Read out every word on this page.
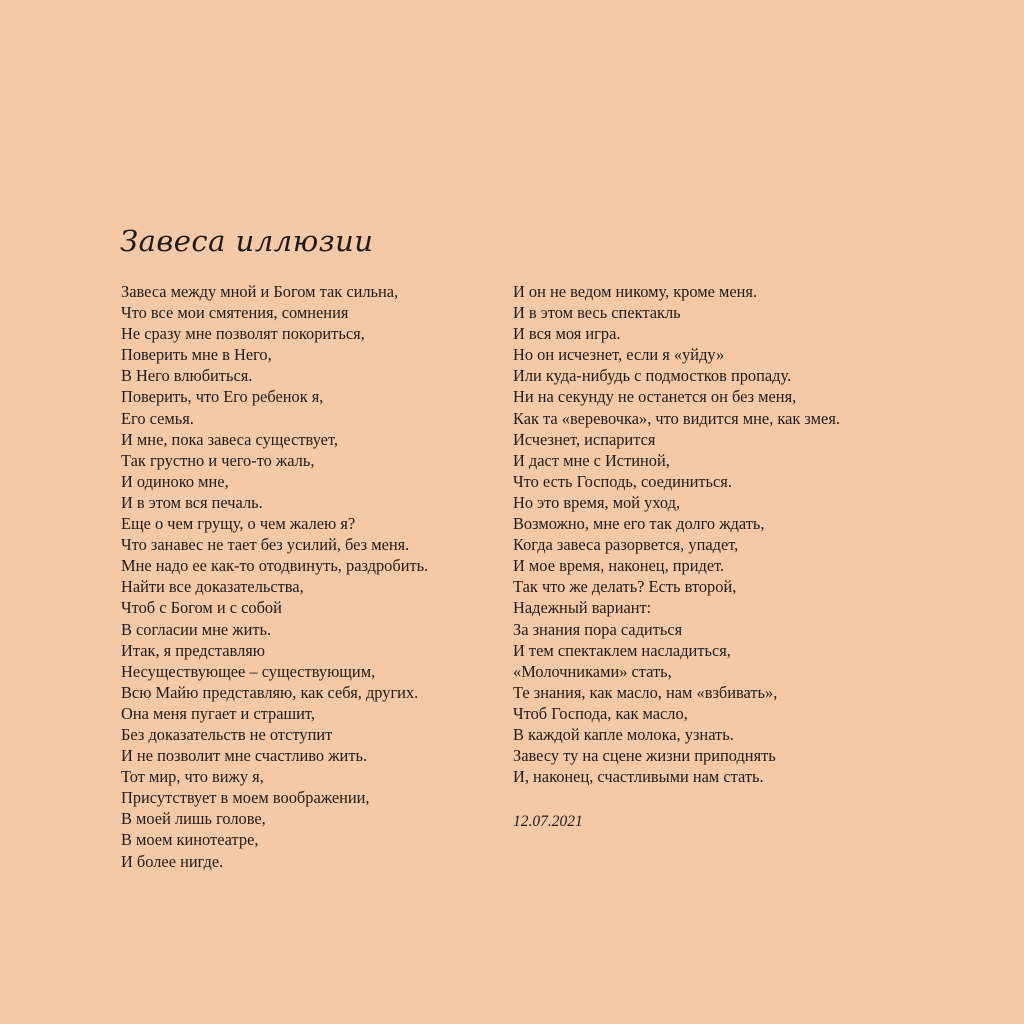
Завеса иллюзии
Завеса между мной и Богом так сильна,
Что все мои смятения, сомнения
Не сразу мне позволят покориться,
Поверить мне в Него,
В Него влюбиться.
Поверить, что Его ребенок я,
Его семья.
И мне, пока завеса существует,
Так грустно и чего-то жаль,
И одиноко мне,
И в этом вся печаль.
Еще о чем грущу, о чем жалею я?
Что занавес не тает без усилий, без меня.
Мне надо ее как-то отодвинуть, раздробить.
Найти все доказательства,
Чтоб с Богом и с собой
В согласии мне жить.
Итак, я представляю
Несуществующее – существующим,
Всю Майю представляю, как себя, других.
Она меня пугает и страшит,
Без доказательств не отступит
И не позволит мне счастливо жить.
Тот мир, что вижу я,
Присутствует в моем воображении,
В моей лишь голове,
В моем кинотеатре,
И более нигде.
И он не ведом никому, кроме меня.
И в этом весь спектакль
И вся моя игра.
Но он исчезнет, если я «уйду»
Или куда-нибудь с подмостков пропаду.
Ни на секунду не останется он без меня,
Как та «веревочка», что видится мне, как змея.
Исчезнет, испарится
И даст мне с Истиной,
Что есть Господь, соединиться.
Но это время, мой уход,
Возможно, мне его так долго ждать,
Когда завеса разорвется, упадет,
И мое время, наконец, придет.
Так что же делать? Есть второй,
Надежный вариант:
За знания пора садиться
И тем спектаклем насладиться,
«Молочниками» стать,
Те знания, как масло, нам «взбивать»,
Чтоб Господа, как масло,
В каждой капле молока, узнать.
Завесу ту на сцене жизни приподнять
И, наконец, счастливыми нам стать.
12.07.2021
